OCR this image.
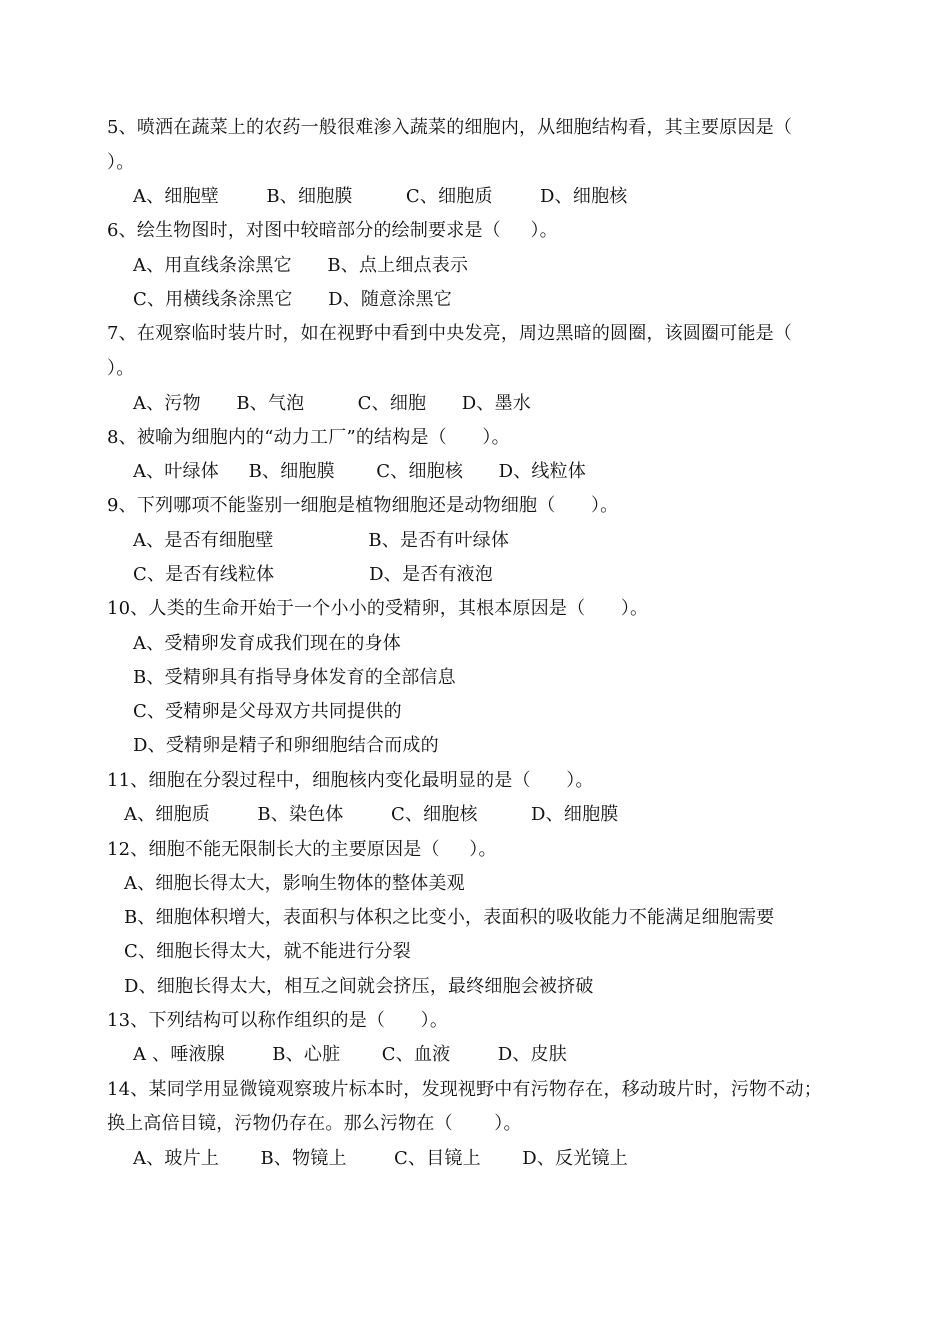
5、喷洒在蔬菜上的农药一般很难渗入蔬菜的细胞内，从细胞结构看，其主要原因是（
）。
A、细胞壁        B、细胞膜         C、细胞质        D、细胞核
6、绘生物图时，对图中较暗部分的绘制要求是（     ）。
A、用直线条涂黑它      B、点上细点表示
C、用横线条涂黑它      D、随意涂黑它
7、在观察临时装片时，如在视野中看到中央发亮，周边黑暗的圆圈，该圆圈可能是（
）。
A、污物      B、气泡         C、细胞      D、墨水
8、被喻为细胞内的“动力工厂”的结构是（      ）。
A、叶绿体     B、细胞膜       C、细胞核      D、线粒体
9、下列哪项不能鉴别一细胞是植物细胞还是动物细胞（      ）。
A、是否有细胞壁                B、是否有叶绿体
C、是否有线粒体                D、是否有液泡
10、人类的生命开始于一个小小的受精卵，其根本原因是（      ）。
A、受精卵发育成我们现在的身体
B、受精卵具有指导身体发育的全部信息
C、受精卵是父母双方共同提供的
D、受精卵是精子和卵细胞结合而成的
11、细胞在分裂过程中，细胞核内变化最明显的是（      ）。
A、细胞质        B、染色体        C、细胞核         D、细胞膜
12、细胞不能无限制长大的主要原因是（     ）。
A、细胞长得太大，影响生物体的整体美观
B、细胞体积增大，表面积与体积之比变小，表面积的吸收能力不能满足细胞需要
C、细胞长得太大，就不能进行分裂
D、细胞长得太大，相互之间就会挤压，最终细胞会被挤破
13、下列结构可以称作组织的是（      ）。
A 、唾液腺        B、心脏       C、血液        D、皮肤
14、某同学用显微镜观察玻片标本时，发现视野中有污物存在，移动玻片时，污物不动；
换上高倍目镜，污物仍存在。那么污物在（       ）。
A、玻片上       B、物镜上        C、目镜上       D、反光镜上
